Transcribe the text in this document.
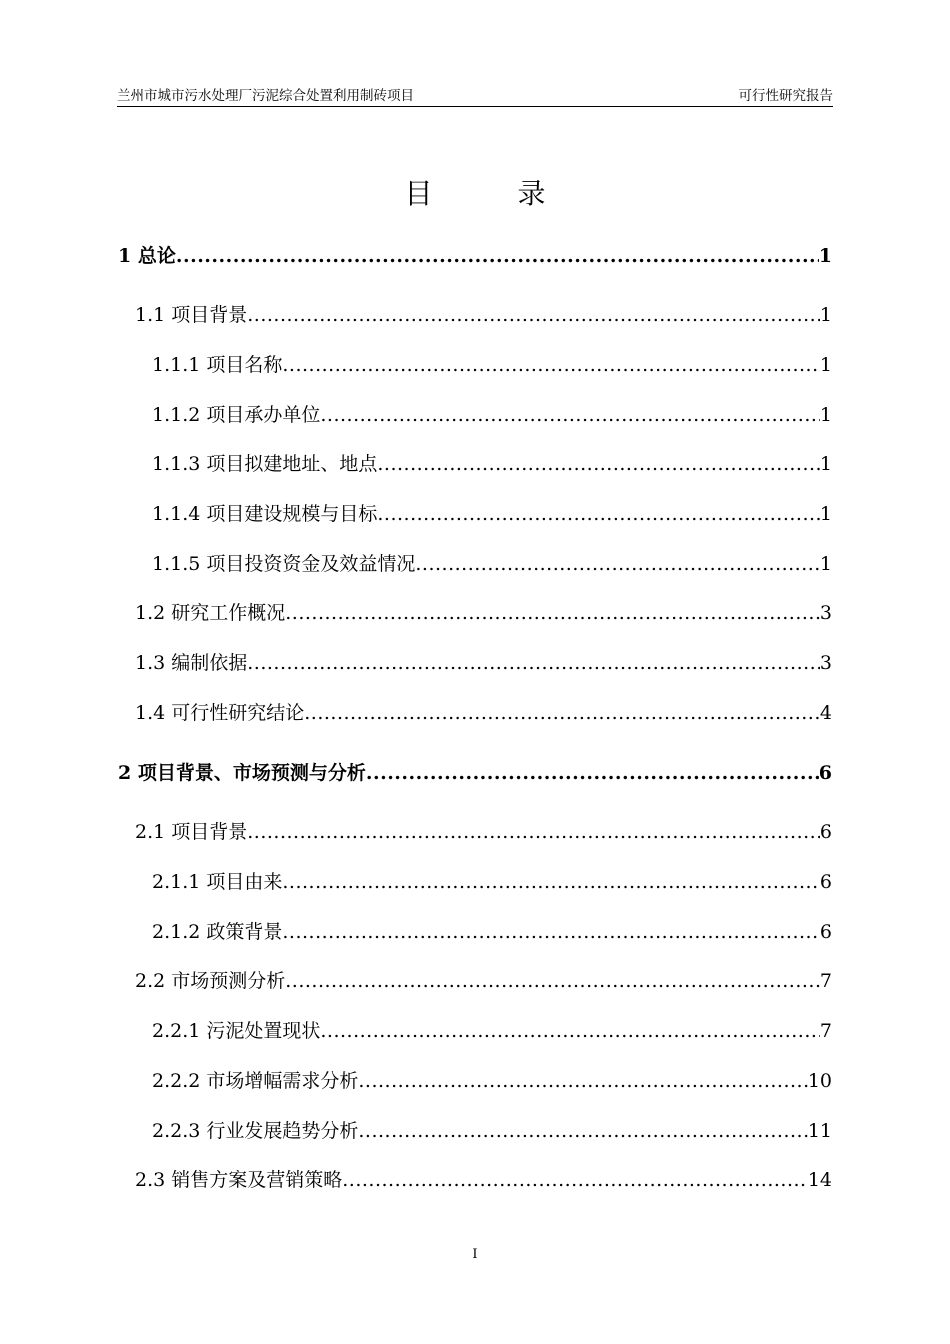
兰州市城市污水处理厂污泥综合处置利用制砖项目	可行性研究报告
目 录
1 总论 .....	1
1.1 项目背景 .....	1
1.1.1 项目名称 .....	1
1.1.2 项目承办单位 .....	1
1.1.3 项目拟建地址、地点 .....	1
1.1.4 项目建设规模与目标 .....	1
1.1.5 项目投资资金及效益情况 .....	1
1.2 研究工作概况 .....	3
1.3 编制依据 .....	3
1.4 可行性研究结论 .....	4
2 项目背景、市场预测与分析 .....	6
2.1 项目背景 .....	6
2.1.1 项目由来 .....	6
2.1.2 政策背景 .....	6
2.2 市场预测分析 .....	7
2.2.1 污泥处置现状 .....	7
2.2.2 市场增幅需求分析 .....	10
2.2.3 行业发展趋势分析 .....	11
2.3 销售方案及营销策略 .....	14
I
